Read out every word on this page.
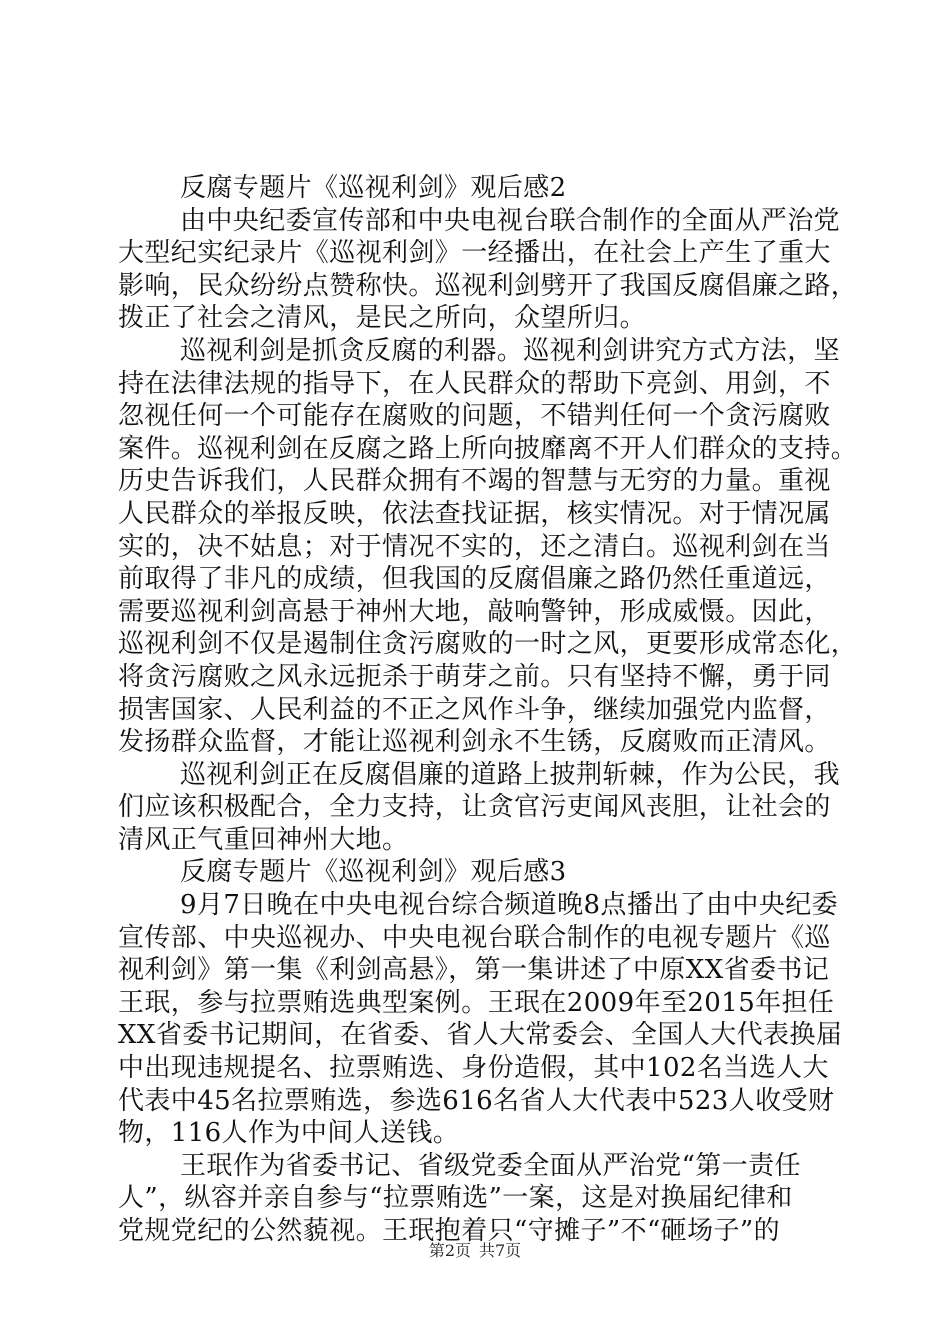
反腐专题片《巡视利剑》观后感2
由中央纪委宣传部和中央电视台联合制作的全面从严治党
大型纪实纪录片《巡视利剑》一经播出，在社会上产生了重大
影响，民众纷纷点赞称快。巡视利剑劈开了我国反腐倡廉之路，
拨正了社会之清风，是民之所向，众望所归。
巡视利剑是抓贪反腐的利器。巡视利剑讲究方式方法，坚
持在法律法规的指导下，在人民群众的帮助下亮剑、用剑，不
忽视任何一个可能存在腐败的问题，不错判任何一个贪污腐败
案件。巡视利剑在反腐之路上所向披靡离不开人们群众的支持。
历史告诉我们，人民群众拥有不竭的智慧与无穷的力量。重视
人民群众的举报反映，依法查找证据，核实情况。对于情况属
实的，决不姑息；对于情况不实的，还之清白。巡视利剑在当
前取得了非凡的成绩，但我国的反腐倡廉之路仍然任重道远，
需要巡视利剑高悬于神州大地，敲响警钟，形成威慑。因此，
巡视利剑不仅是遏制住贪污腐败的一时之风，更要形成常态化，
将贪污腐败之风永远扼杀于萌芽之前。只有坚持不懈，勇于同
损害国家、人民利益的不正之风作斗争，继续加强党内监督，
发扬群众监督，才能让巡视利剑永不生锈，反腐败而正清风。
巡视利剑正在反腐倡廉的道路上披荆斩棘，作为公民，我
们应该积极配合，全力支持，让贪官污吏闻风丧胆，让社会的
清风正气重回神州大地。
反腐专题片《巡视利剑》观后感3
9月7日晚在中央电视台综合频道晚8点播出了由中央纪委
宣传部、中央巡视办、中央电视台联合制作的电视专题片《巡
视利剑》第一集《利剑高悬》，第一集讲述了中原XX省委书记
王珉，参与拉票贿选典型案例。王珉在2009年至2015年担任
XX省委书记期间，在省委、省人大常委会、全国人大代表换届
中出现违规提名、拉票贿选、身份造假，其中102名当选人大
代表中45名拉票贿选，参选616名省人大代表中523人收受财
物，116人作为中间人送钱。
王珉作为省委书记、省级党委全面从严治党“第一责任
人”，纵容并亲自参与“拉票贿选”一案，这是对换届纪律和
党规党纪的公然藐视。王珉抱着只“守摊子”不“砸场子”的
第2页 共7页
